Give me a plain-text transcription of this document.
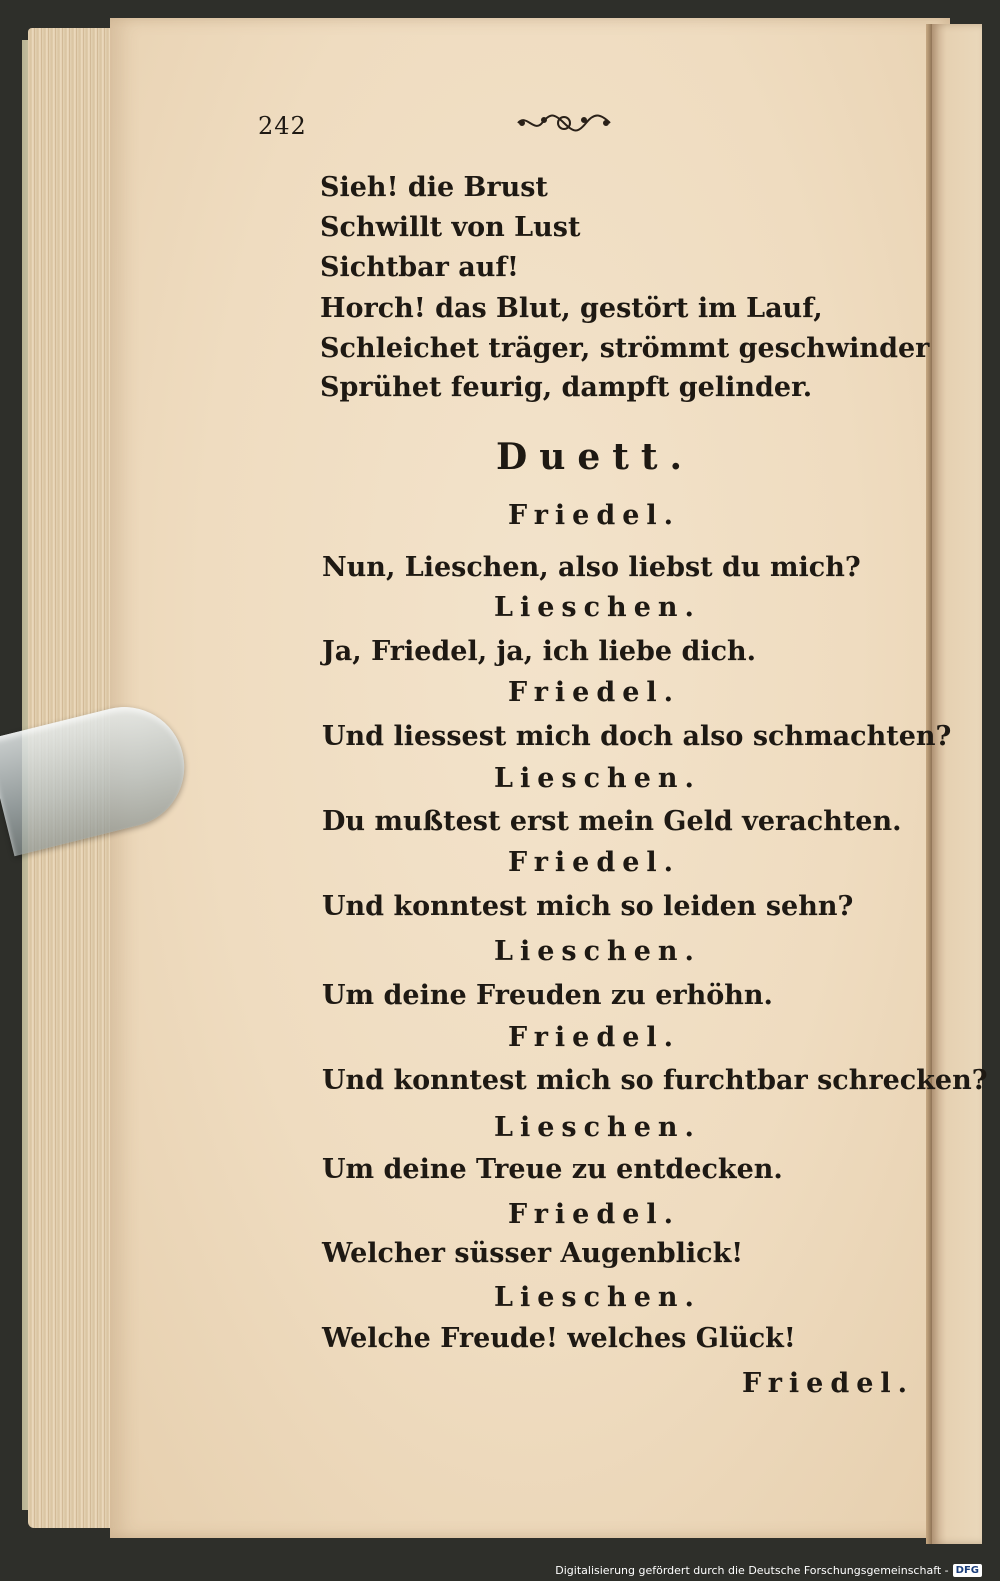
242
Sieh! die Brust
Schwillt von Lust
Sichtbar auf!
Horch! das Blut, gestört im Lauf,
Schleichet träger, strömmt geschwinder
Sprühet feurig, dampft gelinder.
Duett.
Friedel.
Nun, Lieschen, also liebst du mich?
Lieschen.
Ja, Friedel, ja, ich liebe dich.
Friedel.
Und liessest mich doch also schmachten?
Lieschen.
Du mußtest erst mein Geld verachten.
Friedel.
Und konntest mich so leiden sehn?
Lieschen.
Um deine Freuden zu erhöhn.
Friedel.
Und konntest mich so furchtbar schrecken?
Lieschen.
Um deine Treue zu entdecken.
Friedel.
Welcher süsser Augenblick!
Lieschen.
Welche Freude! welches Glück!
Friedel.
Digitalisierung gefördert durch die Deutsche Forschungsgemeinschaft - DFG
